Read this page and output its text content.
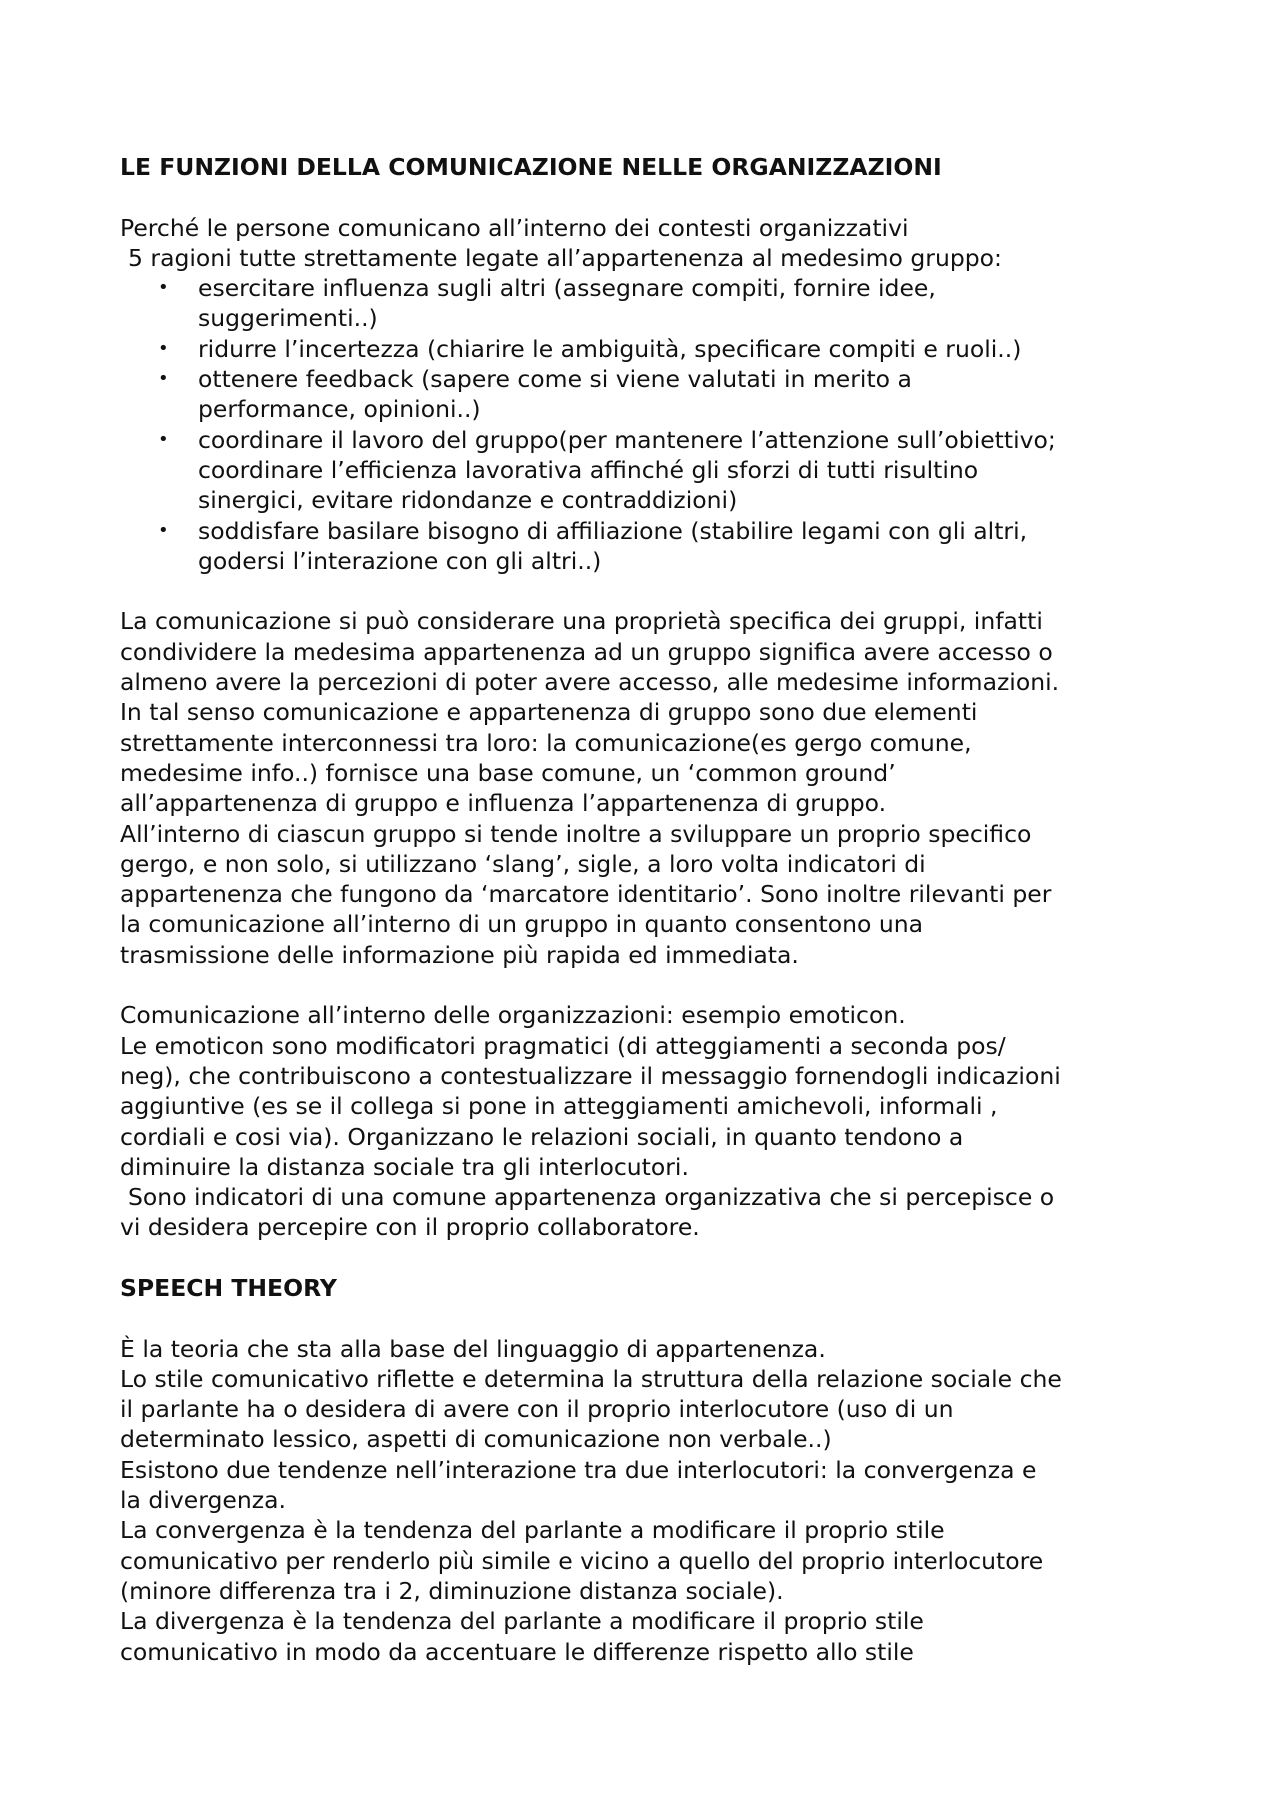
LE FUNZIONI DELLA COMUNICAZIONE NELLE ORGANIZZAZIONI
Perché le persone comunicano all’interno dei contesti organizzativi
5 ragioni tutte strettamente legate all’appartenenza al medesimo gruppo:
• esercitare influenza sugli altri (assegnare compiti, fornire idee,
suggerimenti..)
• ridurre l’incertezza (chiarire le ambiguità, specificare compiti e ruoli..)
• ottenere feedback (sapere come si viene valutati in merito a
performance, opinioni..)
• coordinare il lavoro del gruppo(per mantenere l’attenzione sull’obiettivo;
coordinare l’efficienza lavorativa affinché gli sforzi di tutti risultino
sinergici, evitare ridondanze e contraddizioni)
• soddisfare basilare bisogno di affiliazione (stabilire legami con gli altri,
godersi l’interazione con gli altri..)
La comunicazione si può considerare una proprietà specifica dei gruppi, infatti
condividere la medesima appartenenza ad un gruppo significa avere accesso o
almeno avere la percezioni di poter avere accesso, alle medesime informazioni.
In tal senso comunicazione e appartenenza di gruppo sono due elementi
strettamente interconnessi tra loro: la comunicazione(es gergo comune,
medesime info..) fornisce una base comune, un ‘common ground’
all’appartenenza di gruppo e influenza l’appartenenza di gruppo.
All’interno di ciascun gruppo si tende inoltre a sviluppare un proprio specifico
gergo, e non solo, si utilizzano ‘slang’, sigle, a loro volta indicatori di
appartenenza che fungono da ‘marcatore identitario’. Sono inoltre rilevanti per
la comunicazione all’interno di un gruppo in quanto consentono una
trasmissione delle informazione più rapida ed immediata.
Comunicazione all’interno delle organizzazioni: esempio emoticon.
Le emoticon sono modificatori pragmatici (di atteggiamenti a seconda pos/
neg), che contribuiscono a contestualizzare il messaggio fornendogli indicazioni
aggiuntive (es se il collega si pone in atteggiamenti amichevoli, informali ,
cordiali e cosi via). Organizzano le relazioni sociali, in quanto tendono a
diminuire la distanza sociale tra gli interlocutori.
Sono indicatori di una comune appartenenza organizzativa che si percepisce o
vi desidera percepire con il proprio collaboratore.
SPEECH THEORY
È la teoria che sta alla base del linguaggio di appartenenza.
Lo stile comunicativo riflette e determina la struttura della relazione sociale che
il parlante ha o desidera di avere con il proprio interlocutore (uso di un
determinato lessico, aspetti di comunicazione non verbale..)
Esistono due tendenze nell’interazione tra due interlocutori: la convergenza e
la divergenza.
La convergenza è la tendenza del parlante a modificare il proprio stile
comunicativo per renderlo più simile e vicino a quello del proprio interlocutore
(minore differenza tra i 2, diminuzione distanza sociale).
La divergenza è la tendenza del parlante a modificare il proprio stile
comunicativo in modo da accentuare le differenze rispetto allo stile
